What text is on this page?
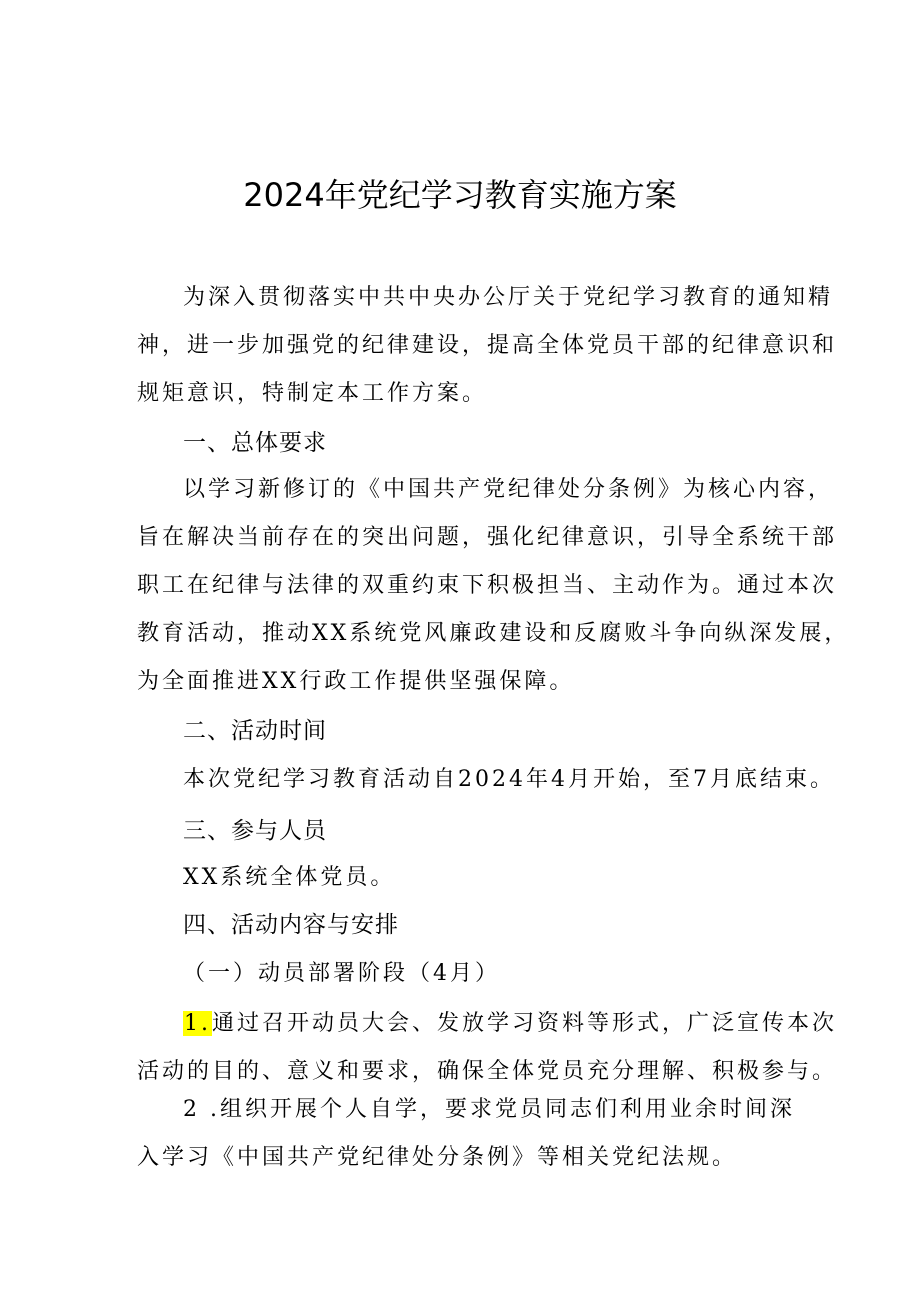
2024年党纪学习教育实施方案
为深入贯彻落实中共中央办公厅关于党纪学习教育的通知精
神，进一步加强党的纪律建设，提高全体党员干部的纪律意识和
规矩意识，特制定本工作方案。
一、总体要求
以学习新修订的《中国共产党纪律处分条例》为核心内容，
旨在解决当前存在的突出问题，强化纪律意识，引导全系统干部
职工在纪律与法律的双重约束下积极担当、主动作为。通过本次
教育活动，推动XX系统党风廉政建设和反腐败斗争向纵深发展，
为全面推进XX行政工作提供坚强保障。
二、活动时间
本次党纪学习教育活动自2024年4月开始，至7月底结束。
三、参与人员
XX系统全体党员。
四、活动内容与安排
（一）动员部署阶段（4月）
1.通过召开动员大会、发放学习资料等形式，广泛宣传本次
活动的目的、意义和要求，确保全体党员充分理解、积极参与。
2 .组织开展个人自学，要求党员同志们利用业余时间深
入学习《中国共产党纪律处分条例》等相关党纪法规。
